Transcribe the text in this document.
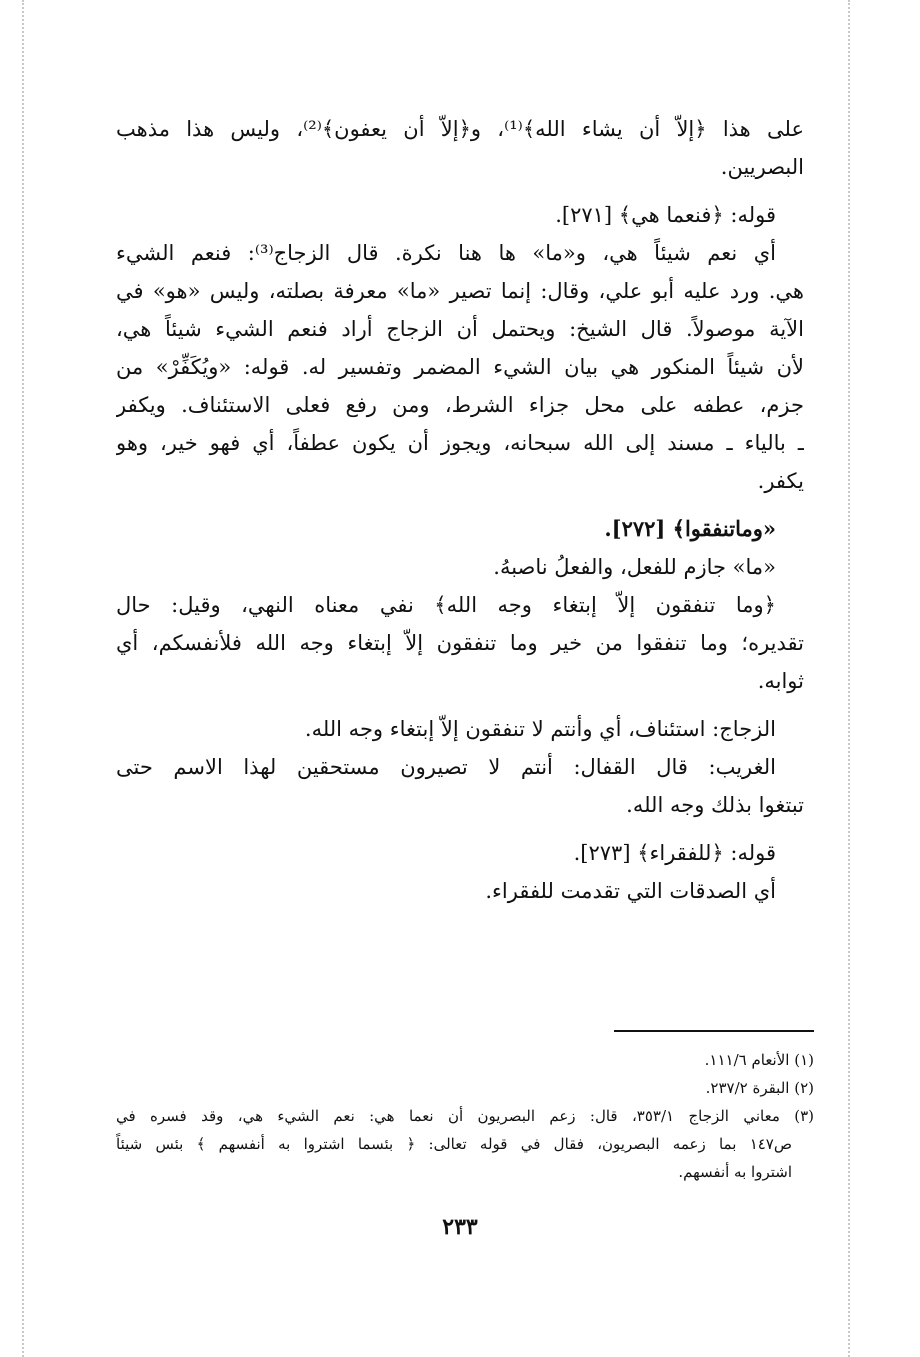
على هذا ﴿إلاّ أن يشاء الله﴾⁽¹⁾، و﴿إلاّ أن يعفون﴾⁽²⁾، وليس هذا مذهب
البصريين.
قوله: ﴿فنعما هي﴾ [٢٧١].
أي نعم شيئاً هي، و«ما» ها هنا نكرة. قال الزجاج⁽³⁾: فنعم الشيء
هي. ورد عليه أبو علي، وقال: إنما تصير «ما» معرفة بصلته، وليس «هو» في
الآية موصولاً. قال الشيخ: ويحتمل أن الزجاج أراد فنعم الشيء شيئاً هي،
لأن شيئاً المنكور هي بيان الشيء المضمر وتفسير له. قوله: «ويُكَفِّرْ» من
جزم، عطفه على محل جزاء الشرط، ومن رفع فعلى الاستئناف. ويكفر
ـ بالياء ـ مسند إلى الله سبحانه، ويجوز أن يكون عطفاً، أي فهو خير، وهو
يكفر.
«وماتنفقوا﴾ [٢٧٢].
«ما» جازم للفعل، والفعلُ ناصبهُ.
﴿وما تنفقون إلاّ إبتغاء وجه الله﴾ نفي معناه النهي، وقيل: حال
تقديره؛ وما تنفقوا من خير وما تنفقون إلاّ إبتغاء وجه الله فلأنفسكم، أي
ثوابه.
الزجاج: استئناف، أي وأنتم لا تنفقون إلاّ إبتغاء وجه الله.
الغريب: قال القفال: أنتم لا تصيرون مستحقين لهذا الاسم حتى
تبتغوا بذلك وجه الله.
قوله: ﴿للفقراء﴾ [٢٧٣].
أي الصدقات التي تقدمت للفقراء.
(١) الأنعام ١١١/٦.
(٢) البقرة ٢٣٧/٢.
(٣) معاني الزجاج ٣٥٣/١، قال: زعم البصريون أن نعما هي: نعم الشيء هي، وقد فسره في
ص١٤٧ بما زعمه البصريون، فقال في قوله تعالى: ﴿ بئسما اشتروا به أنفسهم ﴾ بئس شيئاً
اشتروا به أنفسهم.
٢٣٣
